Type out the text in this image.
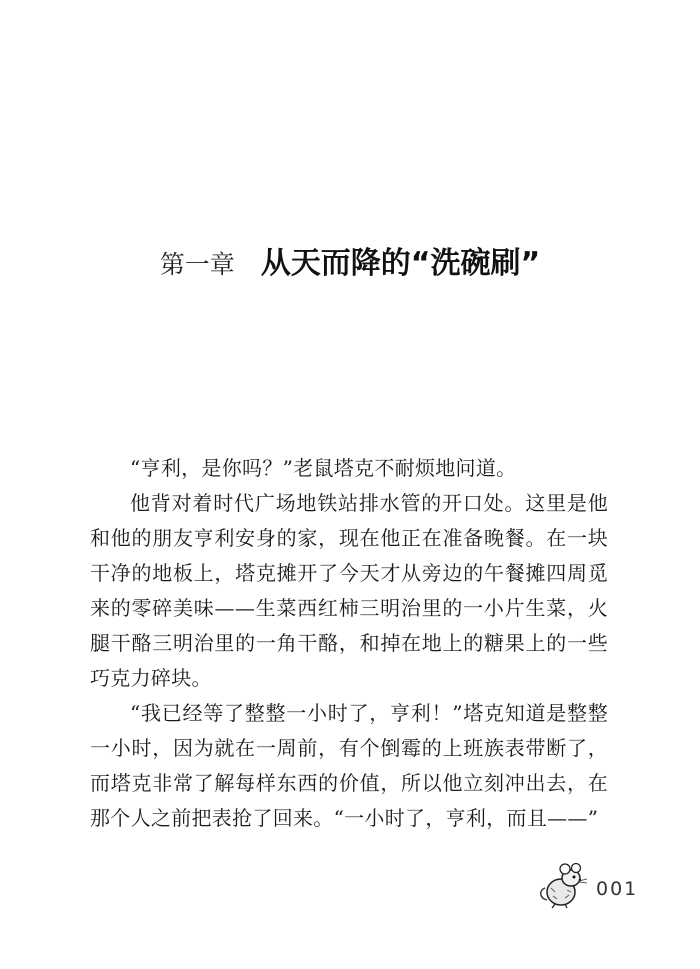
第一章 从天而降的“洗碗刷”

“亨利，是你吗？”老鼠塔克不耐烦地问道。

他背对着时代广场地铁站排水管的开口处。这里是他和他的朋友亨利安身的家，现在他正在准备晚餐。在一块干净的地板上，塔克摊开了今天才从旁边的午餐摊四周觅来的零碎美味——生菜西红柿三明治里的一小片生菜，火腿干酪三明治里的一角干酪，和掉在地上的糖果上的一些巧克力碎块。

“我已经等了整整一小时了，亨利！”塔克知道是整整一小时，因为就在一周前，有个倒霉的上班族表带断了，而塔克非常了解每样东西的价值，所以他立刻冲出去，在那个人之前把表抢了回来。“一小时了，亨利，而且——”

001
